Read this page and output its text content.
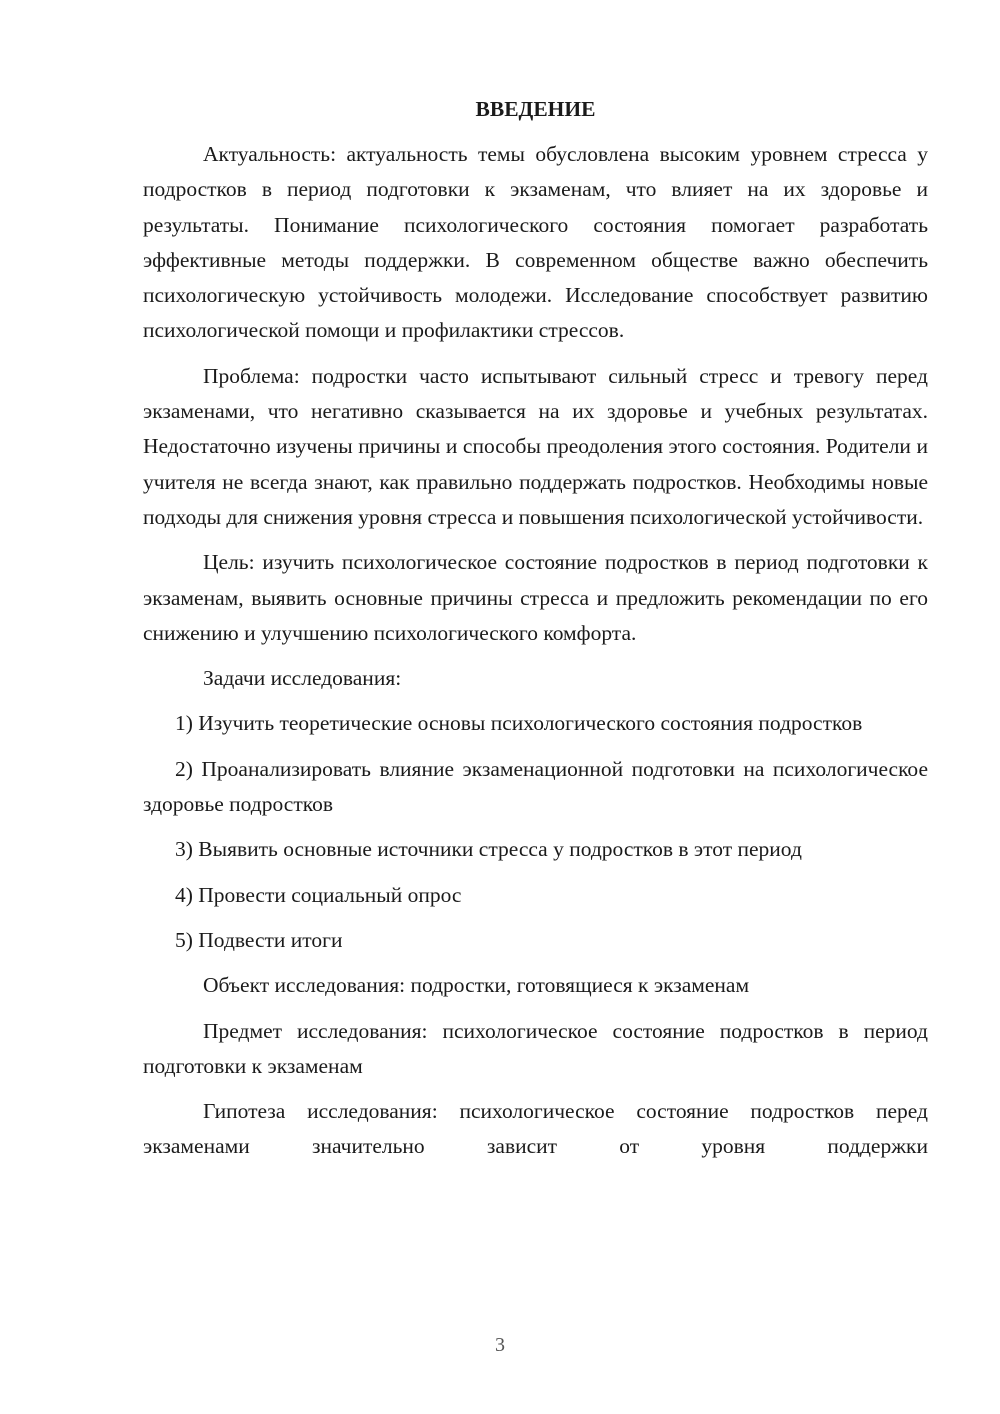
ВВЕДЕНИЕ

Актуальность: актуальность темы обусловлена высоким уровнем стресса у подростков в период подготовки к экзаменам, что влияет на их здоровье и результаты. Понимание психологического состояния помогает разработать эффективные методы поддержки. В современном обществе важно обеспечить психологическую устойчивость молодежи. Исследование способствует развитию психологической помощи и профилактики стрессов.

Проблема: подростки часто испытывают сильный стресс и тревогу перед экзаменами, что негативно сказывается на их здоровье и учебных результатах. Недостаточно изучены причины и способы преодоления этого состояния. Родители и учителя не всегда знают, как правильно поддержать подростков. Необходимы новые подходы для снижения уровня стресса и повышения психологической устойчивости.

Цель: изучить психологическое состояние подростков в период подготовки к экзаменам, выявить основные причины стресса и предложить рекомендации по его снижению и улучшению психологического комфорта.

Задачи исследования:

1) Изучить теоретические основы психологического состояния подростков

2) Проанализировать влияние экзаменационной подготовки на психологическое здоровье подростков

3) Выявить основные источники стресса у подростков в этот период

4) Провести социальный опрос

5) Подвести итоги

Объект исследования: подростки, готовящиеся к экзаменам

Предмет исследования: психологическое состояние подростков в период подготовки к экзаменам

Гипотеза исследования: психологическое состояние подростков перед экзаменами значительно зависит от уровня поддержки

3
